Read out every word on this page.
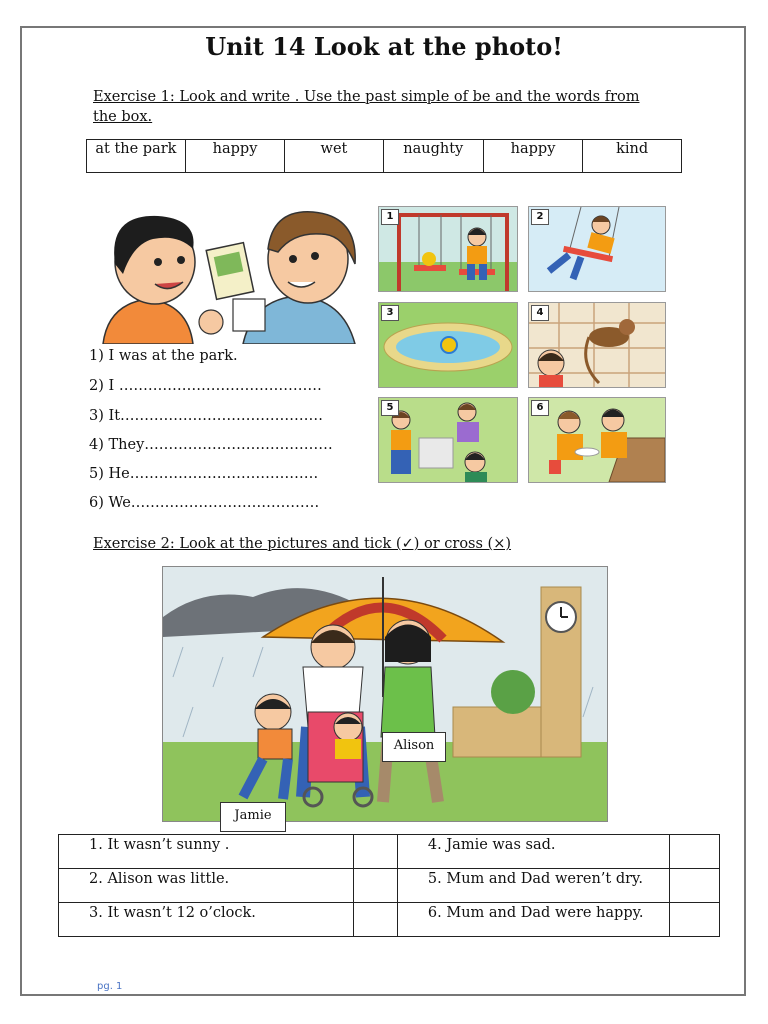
Unit 14 Look at the photo!
Exercise 1: Look and write . Use the past simple of be and the words from
the box.
at the park	happy	wet	naughty	happy	kind
1	2
3	4
5	6
1) I was at the park.
2) I ……………………………………
3) It……………………………………
4) They…………………………………
5) He…………………………………
6) We…………………………………
Exercise 2: Look at the pictures and tick (✓) or cross (×)
Alison
Jamie
1. It wasn’t sunny .		4. Jamie was sad.	
2. Alison was little.		5. Mum and Dad weren’t dry.	
3. It wasn’t 12 o’clock.		6. Mum and Dad were happy.	
pg. 1
